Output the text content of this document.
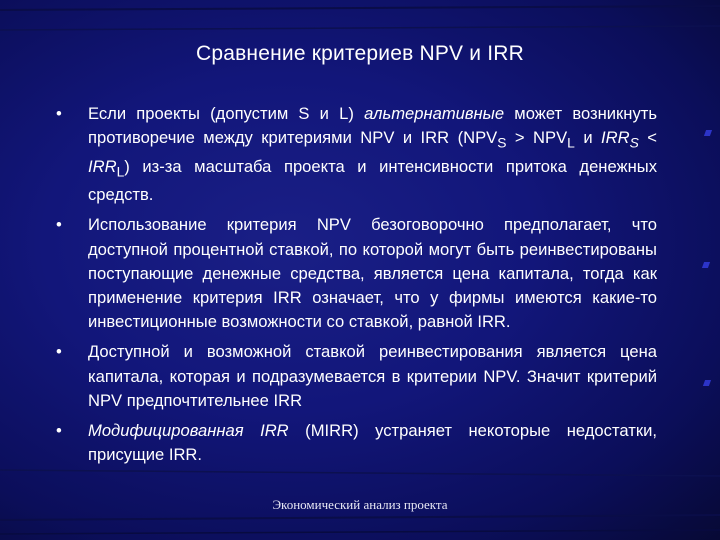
Сравнение критериев NPV и IRR
• Если проекты (допустим S и L) альтернативные может возникнуть противоречие между критериями NPV и IRR ($NPV_S > NPV_L$ и $IRR_S < IRR_L$) из-за масштаба проекта и интенсивности притока денежных средств.
• Использование критерия NPV безоговорочно предполагает, что доступной процентной ставкой, по которой могут быть реинвестированы поступающие денежные средства, является цена капитала, тогда как применение критерия IRR означает, что у фирмы имеются какие-то инвестиционные возможности со ставкой, равной IRR.
• Доступной и возможной ставкой реинвестирования является цена капитала, которая и подразумевается в критерии NPV. Значит критерий NPV предпочтительнее IRR
• Модифицированная IRR (MIRR) устраняет некоторые недостатки, присущие IRR.
Экономический анализ проекта
